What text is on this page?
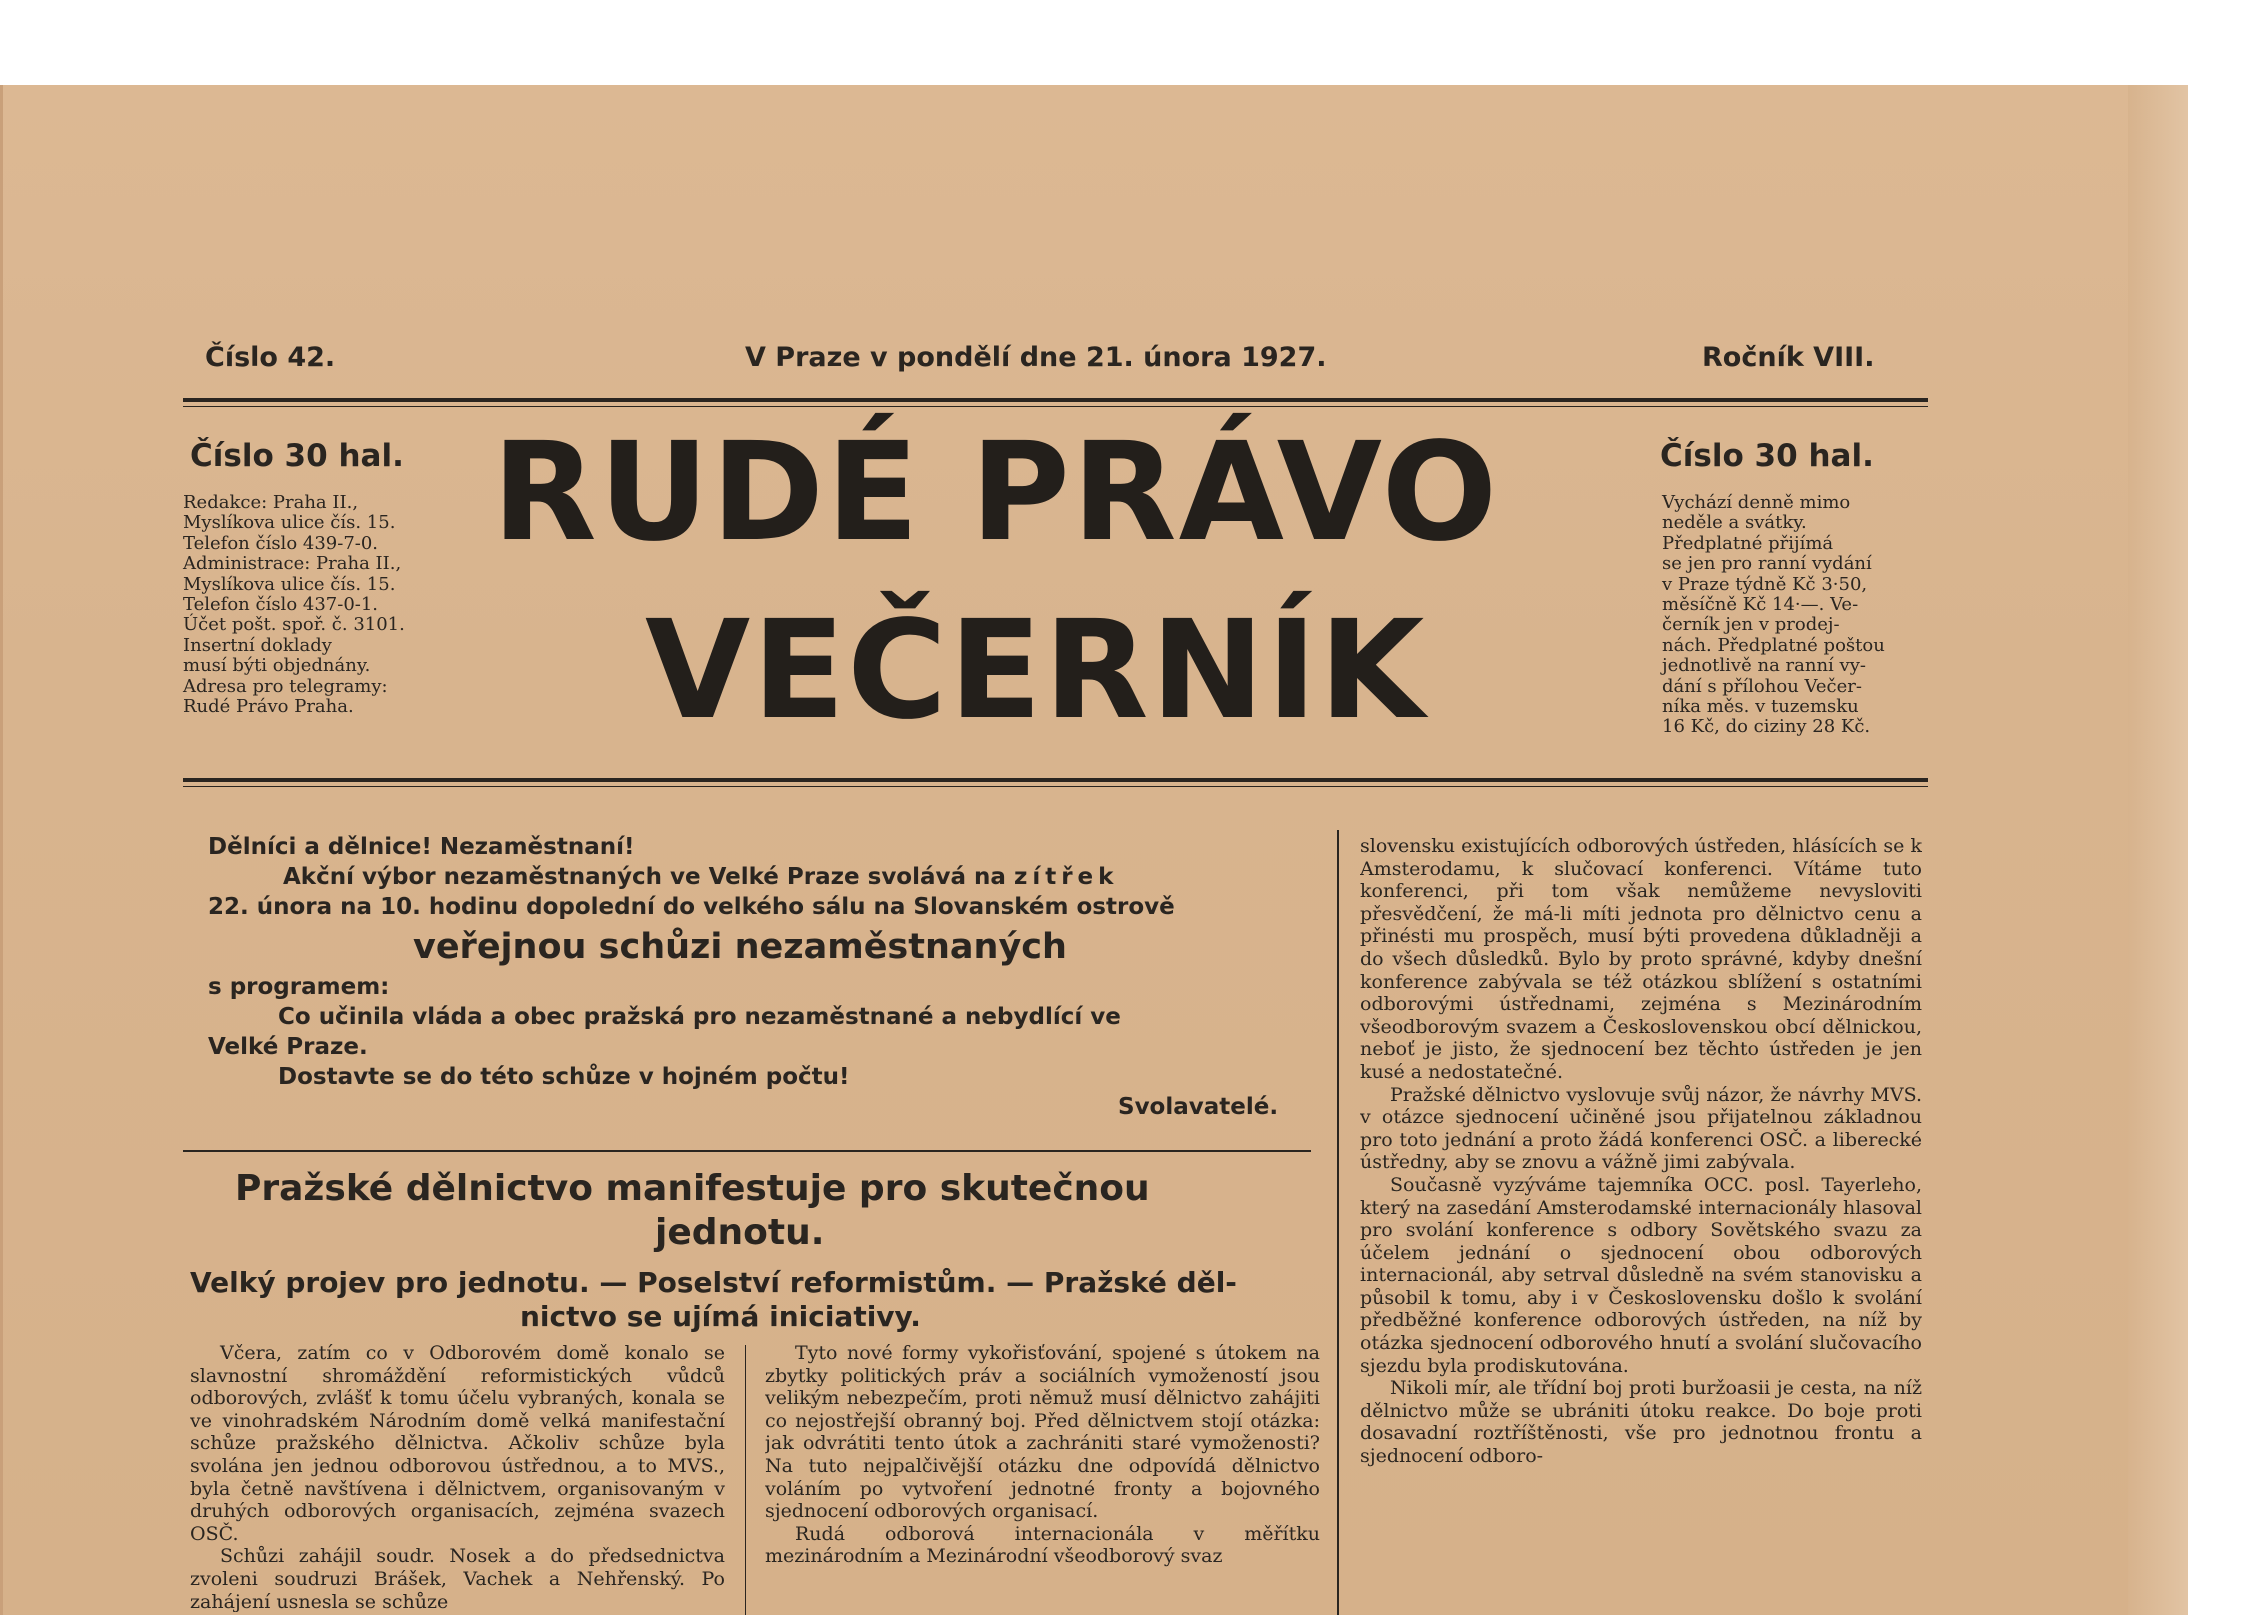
Číslo 42.	V Praze v pondělí dne 21. února 1927.	Ročník VIII.
RUDÉ PRÁVO
VEČERNÍK
Číslo 30 hal.
Redakce: Praha II.,
Myslíkova ulice čís. 15.
Telefon číslo 439-7-0.
Administrace: Praha II.,
Myslíkova ulice čís. 15.
Telefon číslo 437-0-1.
Účet pošt. spoř. č. 3101.
Insertní doklady
musí býti objednány.
Adresa pro telegramy:
Rudé Právo Praha.
Číslo 30 hal.
Vychází denně mimo
neděle a svátky.
Předplatné přijímá
se jen pro ranní vydání
v Praze týdně Kč 3·50,
měsíčně Kč 14·—. Ve-
černík jen v prodej-
nách. Předplatné poštou
jednotlivě na ranní vy-
dání s přílohou Večer-
níka měs. v tuzemsku
16 Kč, do ciziny 28 Kč.
Dělníci a dělnice! Nezaměstnaní!
Akční výbor nezaměstnaných ve Velké Praze svolává na zítřek
22. února na 10. hodinu dopolední do velkého sálu na Slovanském ostrově
veřejnou schůzi nezaměstnaných
s programem:
Co učinila vláda a obec pražská pro nezaměstnané a nebydlící ve
Velké Praze.
Dostavte se do této schůze v hojném počtu!
Svolavatelé.
Pražské dělnictvo manifestuje pro skutečnou
jednotu.
Velký projev pro jednotu. — Poselství reformistům. — Pražské děl-
nictvo se ujímá iniciativy.

Včera, zatím co v Odborovém domě konalo se slavnostní shromáždění reformistických vůdců odborových, zvlášť k tomu účelu vybraných, konala se ve vinohradském Národním domě velká manifestační schůze pražského dělnictva. Ačkoliv schůze byla svolána jen jednou odborovou ústřednou, a to MVS., byla četně navštívena i dělnictvem, organisovaným v druhých odborových organisacích, zejména svazech OSČ.

Schůzi zahájil soudr. Nosek a do předsednictva zvoleni soudruzi Brášek, Vachek a Nehřenský. Po zahájení usnesla se schůze

Tyto nové formy vykořisťování, spojené s útokem na zbytky politických práv a sociálních vymožeností jsou velikým nebezpečím, proti němuž musí dělnictvo zahájiti co nejostřejší obranný boj. Před dělnictvem stojí otázka: jak odvrátiti tento útok a zachrániti staré vymoženosti? Na tuto nejpalčivější otázku dne odpovídá dělnictvo voláním po vytvoření jednotné fronty a bojovného sjednocení odborových organisací.

Rudá odborová internacionála v měřítku mezinárodním a Mezinárodní všeodborový svaz

slovensku existujících odborových ústředen, hlásících se k Amsterodamu, k slučovací konferenci. Vítáme tuto konferenci, při tom však nemůžeme nevysloviti přesvědčení, že má-li míti jednota pro dělnictvo cenu a přinésti mu prospěch, musí býti provedena důkladněji a do všech důsledků. Bylo by proto správné, kdyby dnešní konference zabývala se též otázkou sblížení s ostatními odborovými ústřednami, zejména s Mezinárodním všeodborovým svazem a Československou obcí dělnickou, neboť je jisto, že sjednocení bez těchto ústředen je jen kusé a nedostatečné.

Pražské dělnictvo vyslovuje svůj názor, že návrhy MVS. v otázce sjednocení učiněné jsou přijatelnou základnou pro toto jednání a proto žádá konferenci OSČ. a liberecké ústředny, aby se znovu a vážně jimi zabývala.

Současně vyzýváme tajemníka OCC. posl. Tayerleho, který na zasedání Amsterodamské internacionály hlasoval pro svolání konference s odbory Sovětského svazu za účelem jednání o sjednocení obou odborových internacionál, aby setrval důsledně na svém stanovisku a působil k tomu, aby i v Československu došlo k svolání předběžné konference odborových ústředen, na níž by otázka sjednocení odborového hnutí a svolání slučovacího sjezdu byla prodiskutována.

Nikoli mír, ale třídní boj proti buržoasii je cesta, na níž dělnictvo může se ubrániti útoku reakce. Do boje proti dosavadní roztříštěnosti, vše pro jednotnou frontu a sjednocení odboro-
